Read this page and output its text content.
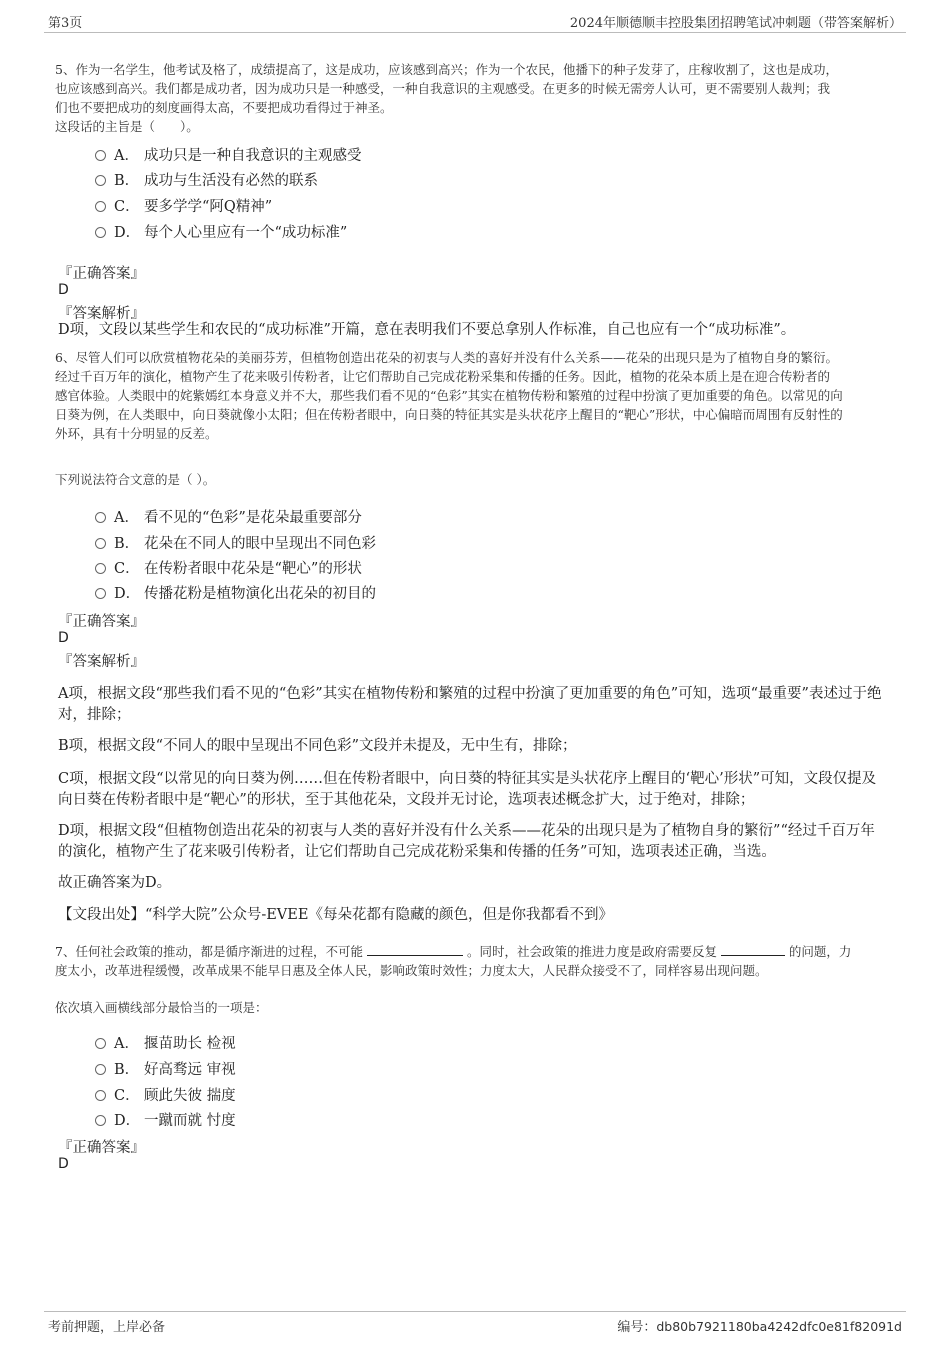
第3页	2024年顺德顺丰控股集团招聘笔试冲刺题（带答案解析）

5、作为一名学生，他考试及格了，成绩提高了，这是成功，应该感到高兴；作为一个农民，他播下的种子发芽了，庄稼收割了，这也是成功，

也应该感到高兴。我们都是成功者，因为成功只是一种感受，一种自我意识的主观感受。在更多的时候无需旁人认可，更不需要别人裁判；我

们也不要把成功的刻度画得太高，不要把成功看得过于神圣。

这段话的主旨是（　　）。

A． 成功只是一种自我意识的主观感受
B． 成功与生活没有必然的联系
C． 要多学学“阿Q精神”
D． 每个人心里应有一个“成功标准”
『正确答案』
D
『答案解析』
D项，文段以某些学生和农民的“成功标准”开篇，意在表明我们不要总拿别人作标准，自己也应有一个“成功标准”。

6、尽管人们可以欣赏植物花朵的美丽芬芳，但植物创造出花朵的初衷与人类的喜好并没有什么关系——花朵的出现只是为了植物自身的繁衍。

经过千百万年的演化，植物产生了花来吸引传粉者，让它们帮助自己完成花粉采集和传播的任务。因此，植物的花朵本质上是在迎合传粉者的

感官体验。人类眼中的姹紫嫣红本身意义并不大，那些我们看不见的“色彩”其实在植物传粉和繁殖的过程中扮演了更加重要的角色。以常见的向

日葵为例，在人类眼中，向日葵就像小太阳；但在传粉者眼中，向日葵的特征其实是头状花序上醒目的“靶心”形状，中心偏暗而周围有反射性的

外环，具有十分明显的反差。

下列说法符合文意的是（ ）。
A． 看不见的“色彩”是花朵最重要部分
B． 花朵在不同人的眼中呈现出不同色彩
C． 在传粉者眼中花朵是“靶心”的形状
D． 传播花粉是植物演化出花朵的初目的
『正确答案』
D
『答案解析』
A项，根据文段“那些我们看不见的“色彩”其实在植物传粉和繁殖的过程中扮演了更加重要的角色”可知，选项“最重要”表述过于绝对，排除；
B项，根据文段“不同人的眼中呈现出不同色彩”文段并未提及，无中生有，排除；
C项，根据文段“以常见的向日葵为例……但在传粉者眼中，向日葵的特征其实是头状花序上醒目的‘靶心’形状”可知，文段仅提及向日葵在传粉者眼中是“靶心”的形状，至于其他花朵，文段并无讨论，选项表述概念扩大，过于绝对，排除；
D项，根据文段“但植物创造出花朵的初衷与人类的喜好并没有什么关系——花朵的出现只是为了植物自身的繁衍”“经过千百万年的演化，植物产生了花来吸引传粉者，让它们帮助自己完成花粉采集和传播的任务”可知，选项表述正确，当选。
故正确答案为D。
【文段出处】“科学大院”公众号-EVEE《每朵花都有隐藏的颜色，但是你我都看不到》

7、任何社会政策的推动，都是循序渐进的过程，不可能	。同时，社会政策的推进力度是政府需要反复	的问题，力

度太小，改革进程缓慢，改革成果不能早日惠及全体人民，影响政策时效性；力度太大，人民群众接受不了，同样容易出现问题。

依次填入画横线部分最恰当的一项是：
A． 揠苗助长 检视
B． 好高骛远 审视
C． 顾此失彼 揣度
D． 一蹴而就 忖度
『正确答案』
D
考前押题，上岸必备	编号：db80b7921180ba4242dfc0e81f82091d
